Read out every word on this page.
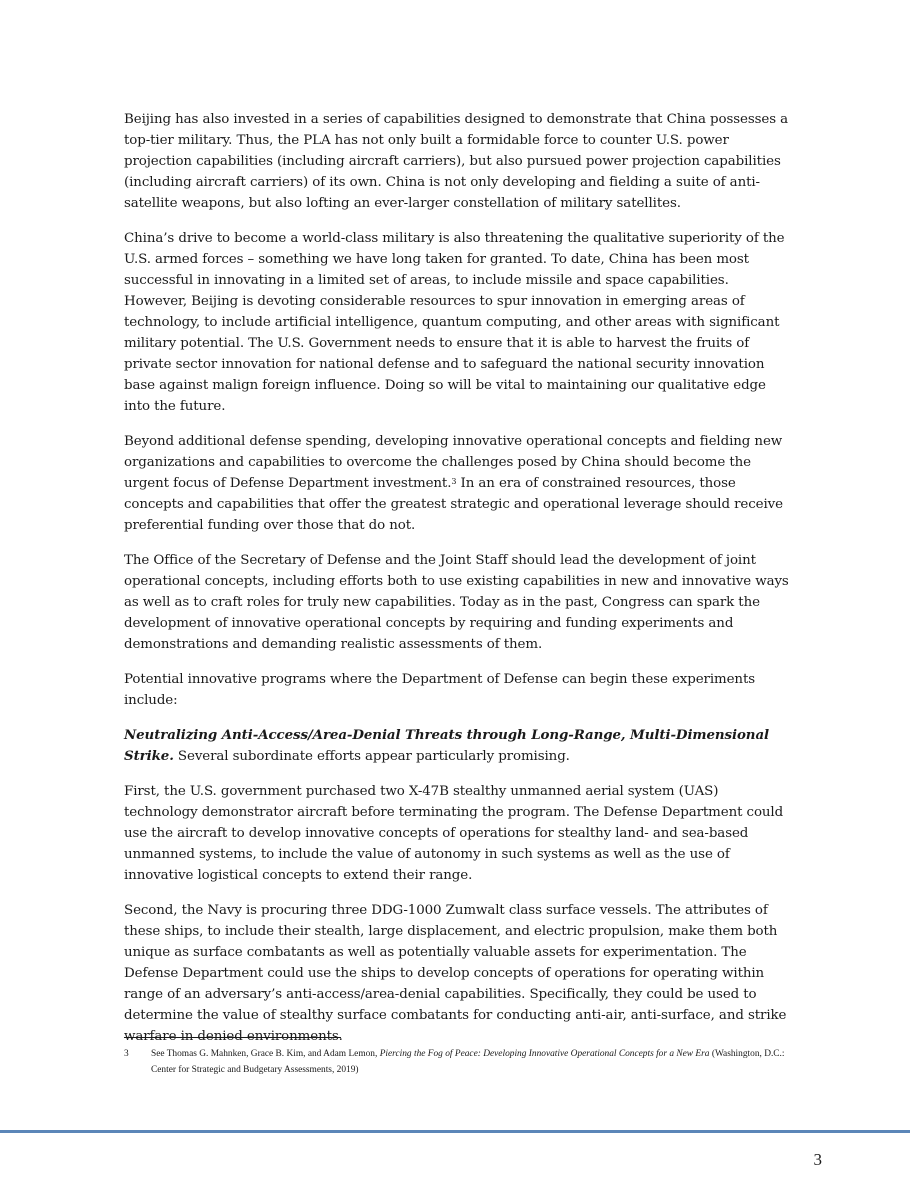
Beijing has also invested in a series of capabilities designed to demonstrate that China possesses a top-tier military. Thus, the PLA has not only built a formidable force to counter U.S. power projection capabilities (including aircraft carriers), but also pursued power projection capabilities (including aircraft carriers) of its own. China is not only developing and fielding a suite of anti-satellite weapons, but also lofting an ever-larger constellation of military satellites.

China’s drive to become a world-class military is also threatening the qualitative superiority of the U.S. armed forces – something we have long taken for granted. To date, China has been most successful in innovating in a limited set of areas, to include missile and space capabilities. However, Beijing is devoting considerable resources to spur innovation in emerging areas of technology, to include artificial intelligence, quantum computing, and other areas with significant military potential. The U.S. Government needs to ensure that it is able to harvest the fruits of private sector innovation for national defense and to safeguard the national security innovation base against malign foreign influence. Doing so will be vital to maintaining our qualitative edge into the future.

Beyond additional defense spending, developing innovative operational concepts and fielding new organizations and capabilities to overcome the challenges posed by China should become the urgent focus of Defense Department investment.$^3$ In an era of constrained resources, those concepts and capabilities that offer the greatest strategic and operational leverage should receive preferential funding over those that do not.

The Office of the Secretary of Defense and the Joint Staff should lead the development of joint operational concepts, including efforts both to use existing capabilities in new and innovative ways as well as to craft roles for truly new capabilities. Today as in the past, Congress can spark the development of innovative operational concepts by requiring and funding experiments and demonstrations and demanding realistic assessments of them.

Potential innovative programs where the Department of Defense can begin these experiments include:

Neutralizing Anti-Access/Area-Denial Threats through Long-Range, Multi-Dimensional Strike. Several subordinate efforts appear particularly promising.

First, the U.S. government purchased two X-47B stealthy unmanned aerial system (UAS) technology demonstrator aircraft before terminating the program. The Defense Department could use the aircraft to develop innovative concepts of operations for stealthy land- and sea-based unmanned systems, to include the value of autonomy in such systems as well as the use of innovative logistical concepts to extend their range.

Second, the Navy is procuring three DDG-1000 Zumwalt class surface vessels. The attributes of these ships, to include their stealth, large displacement, and electric propulsion, make them both unique as surface combatants as well as potentially valuable assets for experimentation. The Defense Department could use the ships to develop concepts of operations for operating within range of an adversary’s anti-access/area-denial capabilities. Specifically, they could be used to determine the value of stealthy surface combatants for conducting anti-air, anti-surface, and strike warfare in denied environments.

3 See Thomas G. Mahnken, Grace B. Kim, and Adam Lemon, Piercing the Fog of Peace: Developing Innovative Operational Concepts for a New Era (Washington, D.C.: Center for Strategic and Budgetary Assessments, 2019)
3
